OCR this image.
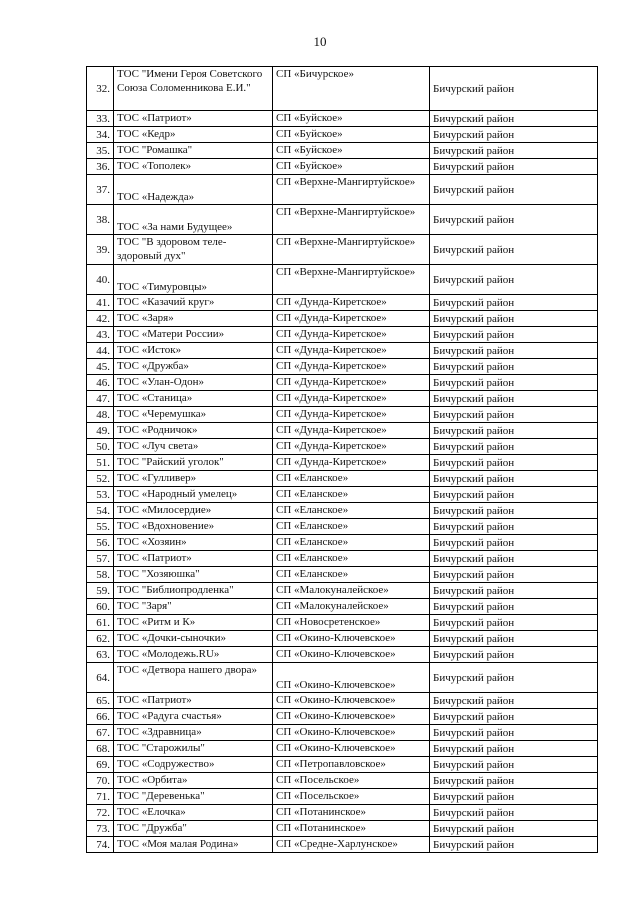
10
32.	ТОС "Имени Героя Советского Союза Соломенникова Е.И."	СП «Бичурское»	Бичурский район
33.	ТОС «Патриот»	СП «Буйское»	Бичурский район
34.	ТОС «Кедр»	СП «Буйское»	Бичурский район
35.	ТОС "Ромашка"	СП «Буйское»	Бичурский район
36.	ТОС «Тополек»	СП «Буйское»	Бичурский район
37.	ТОС «Надежда»	СП «Верхне-Мангиртуйское»	Бичурский район
38.	ТОС «За нами Будущее»	СП «Верхне-Мангиртуйское»	Бичурский район
39.	ТОС "В здоровом теле-здоровый дух"	СП «Верхне-Мангиртуйское»	Бичурский район
40.	ТОС «Тимуровцы»	СП «Верхне-Мангиртуйское»	Бичурский район
41.	ТОС «Казачий круг»	СП «Дунда-Киретское»	Бичурский район
42.	ТОС «Заря»	СП «Дунда-Киретское»	Бичурский район
43.	ТОС «Матери России»	СП «Дунда-Киретское»	Бичурский район
44.	ТОС «Исток»	СП «Дунда-Киретское»	Бичурский район
45.	ТОС «Дружба»	СП «Дунда-Киретское»	Бичурский район
46.	ТОС «Улан-Одон»	СП «Дунда-Киретское»	Бичурский район
47.	ТОС «Станица»	СП «Дунда-Киретское»	Бичурский район
48.	ТОС «Черемушка»	СП «Дунда-Киретское»	Бичурский район
49.	ТОС «Родничок»	СП «Дунда-Киретское»	Бичурский район
50.	ТОС «Луч света»	СП «Дунда-Киретское»	Бичурский район
51.	ТОС "Райский уголок"	СП «Дунда-Киретское»	Бичурский район
52.	ТОС «Гулливер»	СП «Еланское»	Бичурский район
53.	ТОС «Народный умелец»	СП «Еланское»	Бичурский район
54.	ТОС «Милосердие»	СП «Еланское»	Бичурский район
55.	ТОС «Вдохновение»	СП «Еланское»	Бичурский район
56.	ТОС «Хозяин»	СП «Еланское»	Бичурский район
57.	ТОС «Патриот»	СП «Еланское»	Бичурский район
58.	ТОС "Хозяюшка"	СП «Еланское»	Бичурский район
59.	ТОС "Библиопродленка"	СП «Малокуналейское»	Бичурский район
60.	ТОС "Заря"	СП «Малокуналейское»	Бичурский район
61.	ТОС «Ритм и К»	СП «Новосретенское»	Бичурский район
62.	ТОС «Дочки-сыночки»	СП «Окино-Ключевское»	Бичурский район
63.	ТОС «Молодежь.RU»	СП «Окино-Ключевское»	Бичурский район
64.	ТОС «Детвора нашего двора»	СП «Окино-Ключевское»	Бичурский район
65.	ТОС «Патриот»	СП «Окино-Ключевское»	Бичурский район
66.	ТОС «Радуга счастья»	СП «Окино-Ключевское»	Бичурский район
67.	ТОС «Здравница»	СП «Окино-Ключевское»	Бичурский район
68.	ТОС "Старожилы"	СП «Окино-Ключевское»	Бичурский район
69.	ТОС «Содружество»	СП «Петропавловское»	Бичурский район
70.	ТОС «Орбита»	СП «Посельское»	Бичурский район
71.	ТОС "Деревенька"	СП «Посельское»	Бичурский район
72.	ТОС «Елочка»	СП «Потанинское»	Бичурский район
73.	ТОС "Дружба"	СП «Потанинское»	Бичурский район
74.	ТОС «Моя малая Родина»	СП «Средне-Харлунское»	Бичурский район
